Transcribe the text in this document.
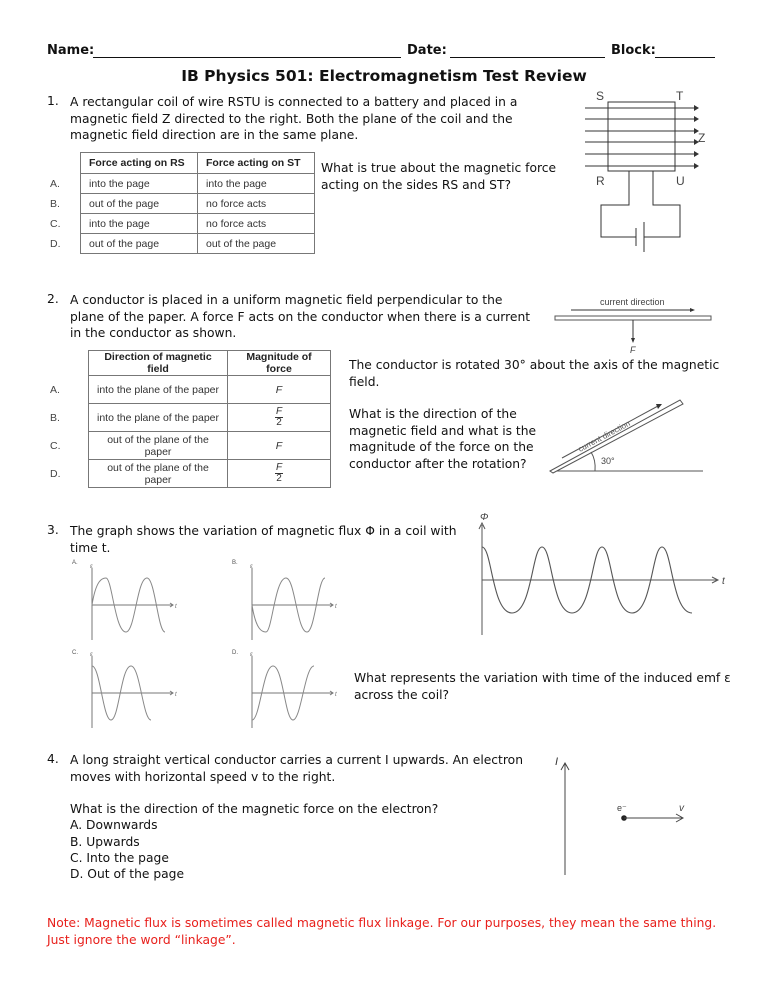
Name:	Date:	Block:
IB Physics 501: Electromagnetism Test Review
1. A rectangular coil of wire RSTU is connected to a battery and placed in a magnetic field Z directed to the right. Both the plane of the coil and the magnetic field direction are in the same plane.
	Force acting on RS	Force acting on ST
A.	into the page	into the page
B.	out of the page	no force acts
C.	into the page	no force acts
D.	out of the page	out of the page
What is true about the magnetic force acting on the sides RS and ST?
S	T
R	U
Z
2. A conductor is placed in a uniform magnetic field perpendicular to the plane of the paper. A force F acts on the conductor when there is a current in the conductor as shown.
current direction
F
	Direction of magnetic field	Magnitude of force
A.	into the plane of the paper	F
B.	into the plane of the paper	$\frac{F}{2}$

C.	out of the plane of the paper	F
D.	out of the plane of the paper	$\frac{F}{2}$
The conductor is rotated 30° about the axis of the magnetic field.
What is the direction of the magnetic field and what is the magnitude of the force on the conductor after the rotation?
current direction
30°
3. The graph shows the variation of magnetic flux Φ in a coil with time t.
Φ
t
A.
ε
t
B.
ε
t
C. ε
t
D. ε
t
What represents the variation with time of the induced emf ε across the coil?
4. A long straight vertical conductor carries a current I upwards. An electron moves with horizontal speed v to the right.
What is the direction of the magnetic force on the electron?
A. Downwards
B. Upwards
C. Into the page
D. Out of the page
I
e⁻	v
Note: Magnetic flux is sometimes called magnetic flux linkage. For our purposes, they mean the same thing.
Just ignore the word “linkage”.
